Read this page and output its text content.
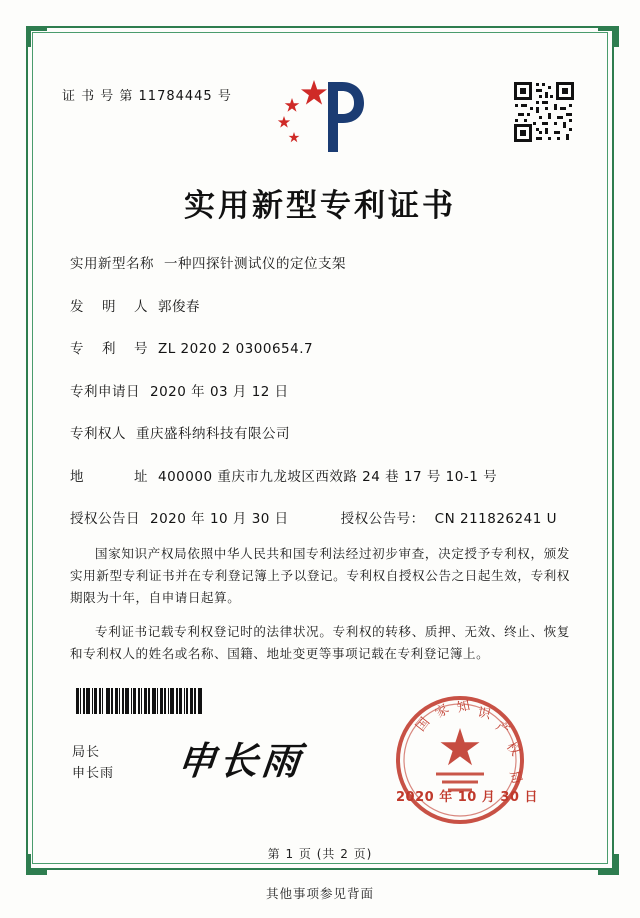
证 书 号 第 11784445 号
实用新型专利证书
实用新型名称 一种四探针测试仪的定位支架
发明人 郭俊春
专利号 ZL 2020 2 0300654.7
专利申请日 2020 年 03 月 12 日
专利权人 重庆盛科纳科技有限公司
地址 400000 重庆市九龙坡区西效路 24 巷 17 号 10-1 号
授权公告日 2020 年 10 月 30 日	授权公告号： CN 211826241 U

国家知识产权局依照中华人民共和国专利法经过初步审查，决定授予专利权，颁发实用新型专利证书并在专利登记簿上予以登记。专利权自授权公告之日起生效，专利权期限为十年，自申请日起算。

专利证书记载专利权登记时的法律状况。专利权的转移、质押、无效、终止、恢复和专利权人的姓名或名称、国籍、地址变更等事项记载在专利登记簿上。

局长
申长雨 申长雨
国
家 知 识
产
权
局
2020 年 10 月 30 日
第 1 页 (共 2 页)
其他事项参见背面
